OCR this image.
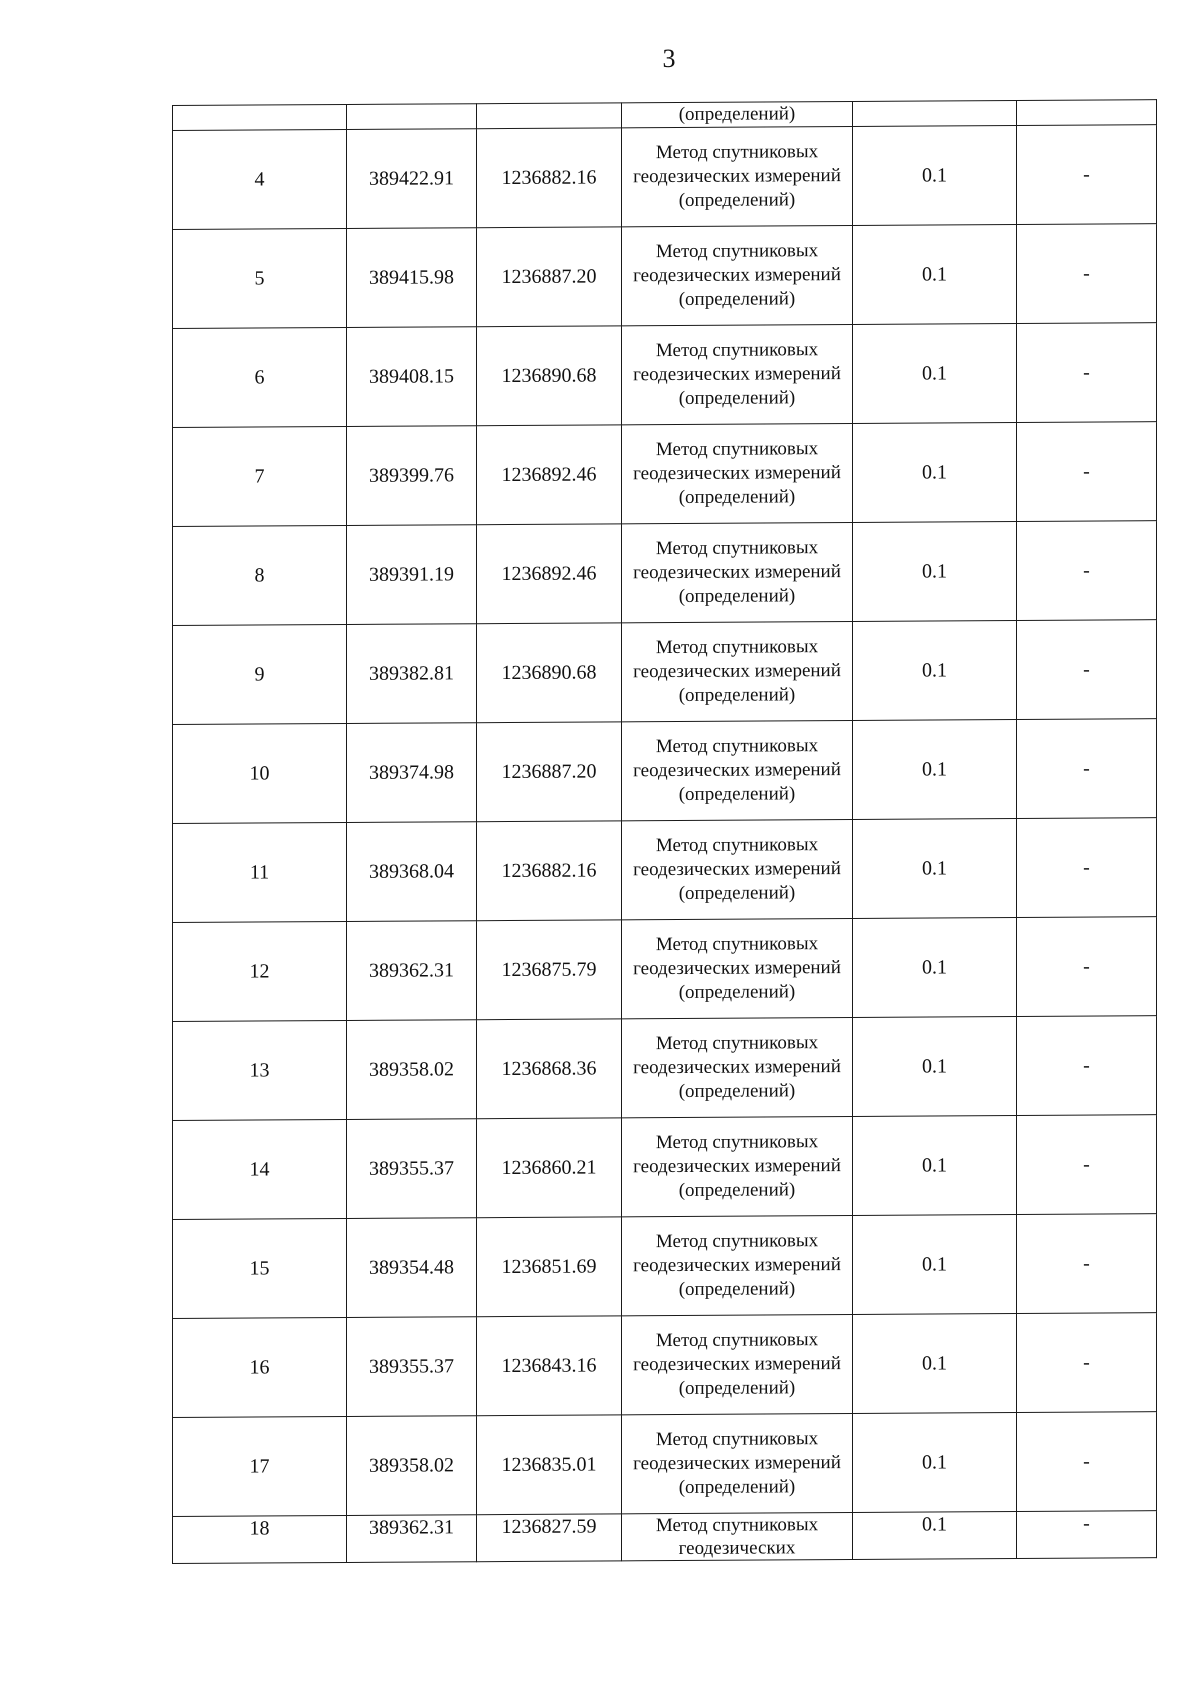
3
			(определений)		
4	389422.91	1236882.16	Метод спутниковых геодезических измерений (определений)	0.1	-
5	389415.98	1236887.20	Метод спутниковых геодезических измерений (определений)	0.1	-
6	389408.15	1236890.68	Метод спутниковых геодезических измерений (определений)	0.1	-
7	389399.76	1236892.46	Метод спутниковых геодезических измерений (определений)	0.1	-
8	389391.19	1236892.46	Метод спутниковых геодезических измерений (определений)	0.1	-
9	389382.81	1236890.68	Метод спутниковых геодезических измерений (определений)	0.1	-
10	389374.98	1236887.20	Метод спутниковых геодезических измерений (определений)	0.1	-
11	389368.04	1236882.16	Метод спутниковых геодезических измерений (определений)	0.1	-
12	389362.31	1236875.79	Метод спутниковых геодезических измерений (определений)	0.1	-
13	389358.02	1236868.36	Метод спутниковых геодезических измерений (определений)	0.1	-
14	389355.37	1236860.21	Метод спутниковых геодезических измерений (определений)	0.1	-
15	389354.48	1236851.69	Метод спутниковых геодезических измерений (определений)	0.1	-
16	389355.37	1236843.16	Метод спутниковых геодезических измерений (определений)	0.1	-
17	389358.02	1236835.01	Метод спутниковых геодезических измерений (определений)	0.1	-
18	389362.31	1236827.59	Метод спутниковых геодезических	0.1	-
